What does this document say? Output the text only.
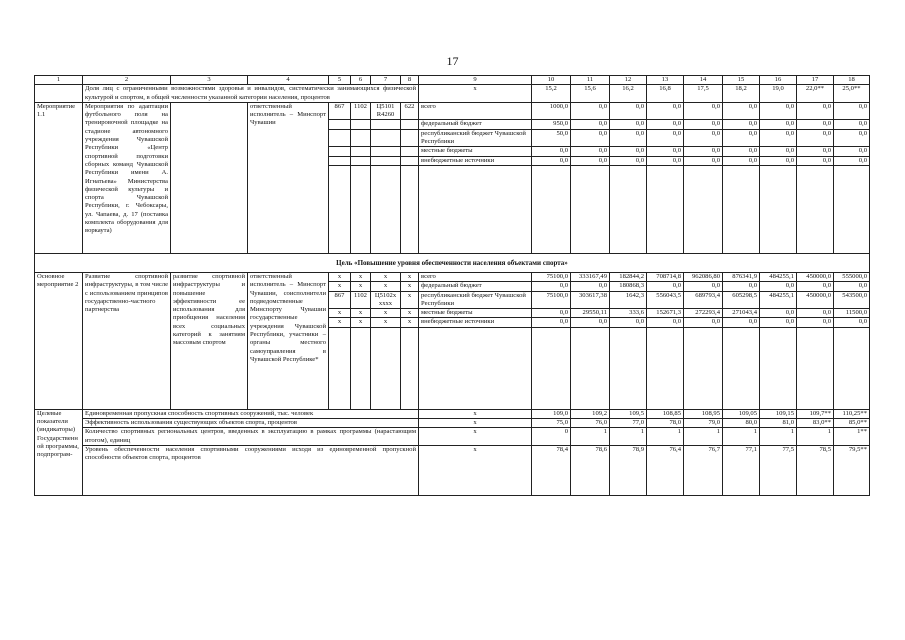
17
1	2	3	4	5	6	7	8	9	10	11	12	13	14	15	16	17	18
	Доля лиц с ограниченными возможностями здоровья и инвалидов, систематически занимающихся физической культурой и спортом, в общей численности указанной категории населения, процентов							x	15,2	15,6	16,2	16,8	17,5	18,2	19,0	22,0**	25,0**
Мероприятие 1.1	Мероприятия по адаптации футбольного поля на тренировочной площадке на стадионе автономного учреждения Чувашской Республики «Центр спортивной подготовки сборных команд Чувашской Республики имени А. Игнатьева» Министерства физической культуры и спорта Чувашской Республики, г. Чебоксары, ул. Чапаева, д. 17 (поставка комплекта оборудования для воркаута)		ответственный исполнитель – Минспорт Чувашии	867	1102	Ц5101 R4260	622	всего	1000,0	0,0	0,0	0,0	0,0	0,0	0,0	0,0	0,0
								федеральный бюджет	950,0	0,0	0,0	0,0	0,0	0,0	0,0	0,0	0,0
								республиканский бюджет Чувашской Республики	50,0	0,0	0,0	0,0	0,0	0,0	0,0	0,0	0,0
								местные бюджеты	0,0	0,0	0,0	0,0	0,0	0,0	0,0	0,0	0,0
								внебюджетные источники	0,0	0,0	0,0	0,0	0,0	0,0	0,0	0,0	0,0

Цель «Повышение уровня обеспеченности населения объектами спорта»																	
Основное мероприятие 2	Развитие спортивной инфраструктуры, в том числе с использованием принципов государственно-частного партнерства	развитие спортивной инфраструктуры и повышение эффективности ее использования для приобщения населения всех социальных категорий к занятиям массовым спортом	ответственный исполнитель – Минспорт Чувашии, соисполнители подведомственные Минспорту Чувашии государственные учреждения Чувашской Республики, участники – органы местного самоуправления в Чувашской Республике*	x	x	x	x	всего	75100,0	333167,49	182844,2	708714,8	962086,80	876341,9	484255,1	450000,0	555000,0
				x	x	x	x	федеральный бюджет	0,0	0,0	180868,3	0,0	0,0	0,0	0,0	0,0	0,0
				867	1102	Ц5102x xxxx	x	республиканский бюджет Чувашской Республики	75100,0	303617,38	1642,3	556043,5	689793,4	605298,5	484255,1	450000,0	543500,0
				x	x	x	x	местные бюджеты	0,0	29550,11	333,6	152671,3	272293,4	271043,4	0,0	0,0	11500,0
				x	x	x	x	внебюджетные источники	0,0	0,0	0,0	0,0	0,0	0,0	0,0	0,0	0,0

Целевые показатели (индикаторы) Государственной программы, подпрограм-	Единовременная пропускная способность спортивных сооружений, тыс. человек							x	109,0	109,2	109,5	108,85	108,95	109,05	109,15	109,7**	110,25**
	Эффективность использования существующих объектов спорта, процентов							x	75,0	76,0	77,0	78,0	79,0	80,0	81,0	83,0**	85,0**
	Количество спортивных региональных центров, введенных в эксплуатацию в рамках программы (нарастающим итогом), единиц							x	0	1	1	1	1	1	1	1	1**
	Уровень обеспеченности населения спортивными сооружениями исходя из единовременной пропускной способности объектов спорта, процентов							x	78,4	78,6	78,9	76,4	76,7	77,1	77,5	78,5	79,5**
